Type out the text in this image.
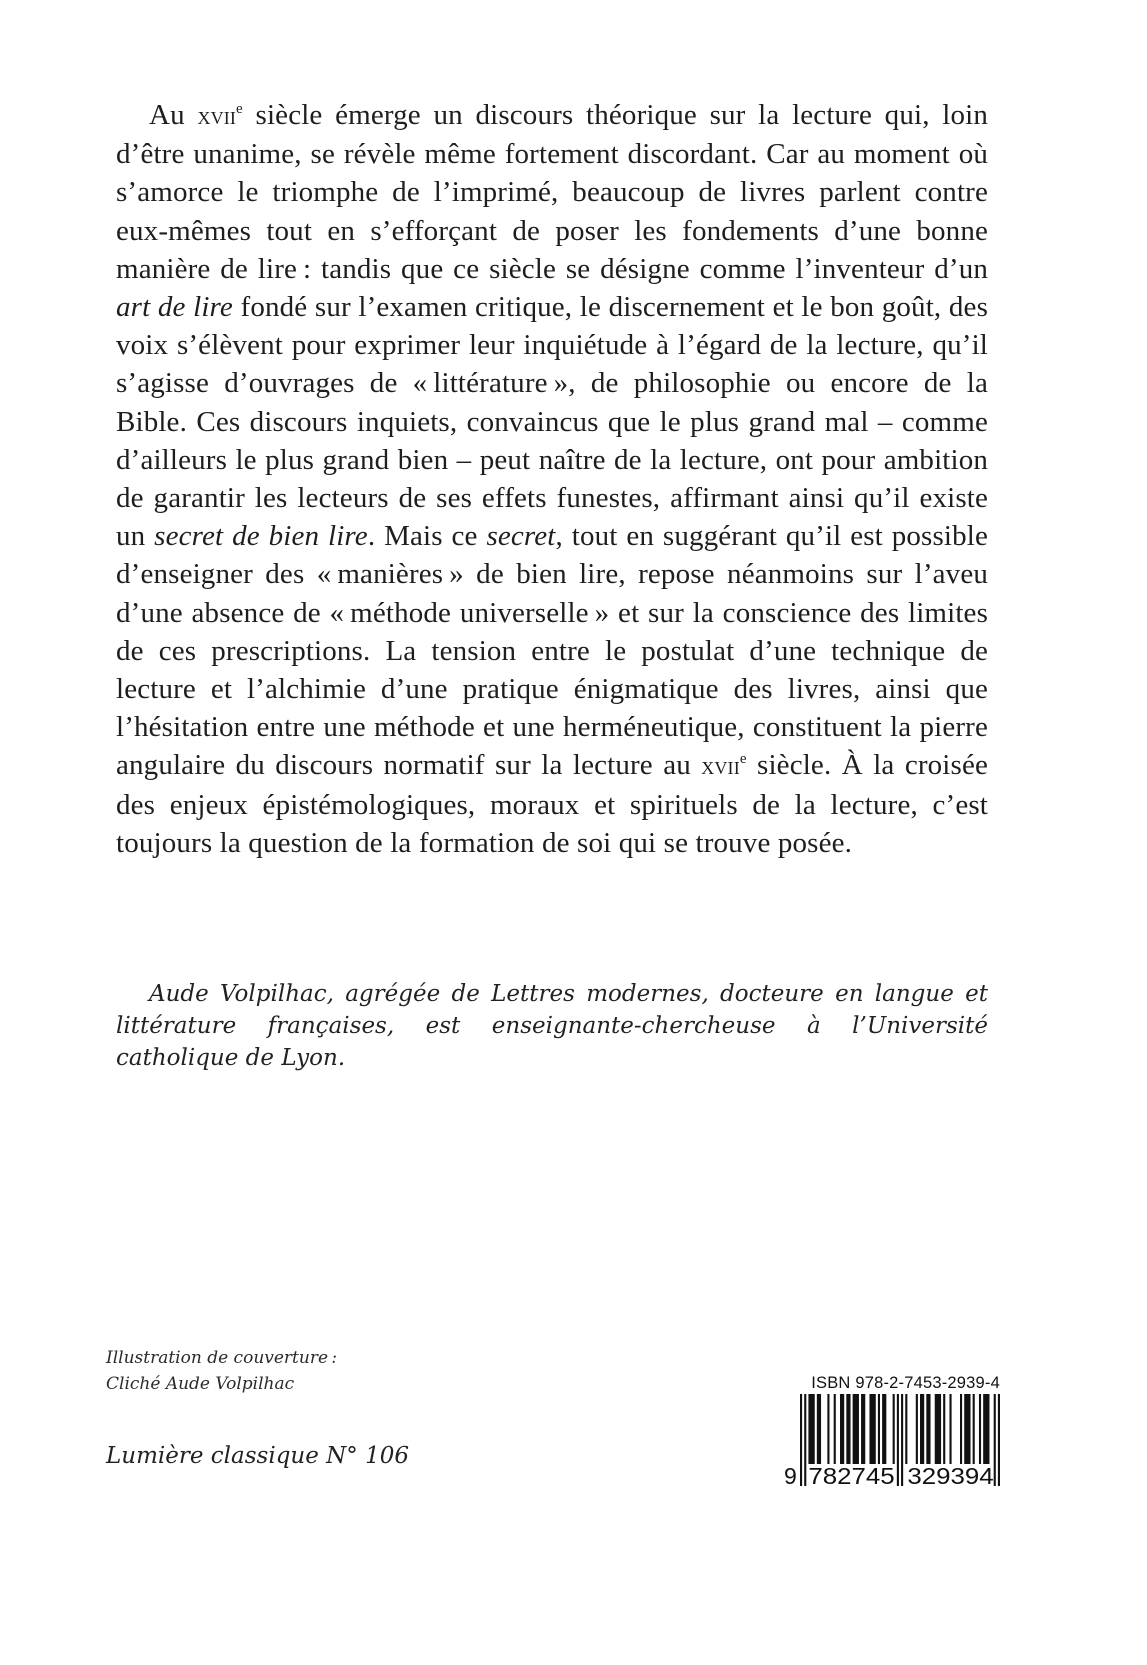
Au xvii$^e$ siècle émerge un discours théorique sur la lecture qui, loin d’être unanime, se révèle même fortement discordant. Car au moment où s’amorce le triomphe de l’imprimé, beaucoup de livres parlent contre eux-mêmes tout en s’efforçant de poser les fondements d’une bonne manière de lire : tandis que ce siècle se désigne comme l’inventeur d’un art de lire fondé sur l’examen critique, le discernement et le bon goût, des voix s’élèvent pour exprimer leur inquiétude à l’égard de la lecture, qu’il s’agisse d’ouvrages de « littérature », de philosophie ou encore de la Bible. Ces discours inquiets, convaincus que le plus grand mal – comme d’ailleurs le plus grand bien – peut naître de la lecture, ont pour ambition de garantir les lecteurs de ses effets funestes, affirmant ainsi qu’il existe un secret de bien lire. Mais ce secret, tout en suggérant qu’il est possible d’enseigner des « manières » de bien lire, repose néanmoins sur l’aveu d’une absence de « méthode universelle » et sur la conscience des limites de ces prescriptions. La tension entre le postulat d’une technique de lecture et l’alchimie d’une pratique énigmatique des livres, ainsi que l’hésitation entre une méthode et une herméneutique, constituent la pierre angulaire du discours normatif sur la lecture au xvii$^e$ siècle. À la croisée des enjeux épistémologiques, moraux et spirituels de la lecture, c’est toujours la question de la formation de soi qui se trouve posée.

Aude Volpilhac, agrégée de Lettres modernes, docteure en langue et littérature françaises, est enseignante-chercheuse à l’Université catholique de Lyon.

Illustration de couverture :
Cliché Aude Volpilhac
Lumière classique N° 106
ISBN 978-2-7453-2939-4
9 782745 329394
